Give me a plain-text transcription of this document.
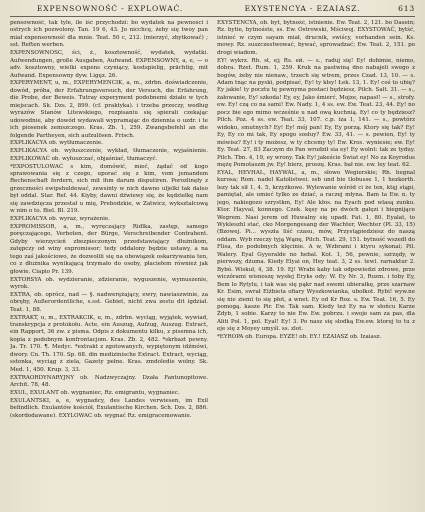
EXPENSOWNOŚĆ - EXPLOWAĆ.	EXYSTENCYA - EZAIASZ.	613

pensowność, tak tyle, ile iść przychodzi: bo wydatek na pewności i ostrych ich pozwolony. Tan. 19 6, 43. Jo nicchcę, żeby się twoy pan miał expensowność dla mnie. Teat. 50 c, 212. (mierzyć, zbytkować) ; sst. Reften werben.

EXPENSOWNOSC, ści, ż., kosztowność, wydatek, wydatki. Aufwendungen, große Ausgaben, Aufwand. EXPENSOWNY, a, e, — o adv. kosztowny, wielki expens czyniący, kostspielig, prächtig, mit Aufwand. Expensowny dyw. Ligęz. 26.

EXPERYMENT, u, m., EXPERYMENCIK, a, m., zdrbn. doświadczenie, dowód, próba, der Erfahrungsversuch, der Versuch, die Erfahrung, die Probe, der Beweis. Tutray experyment podobnemi działo w tych miejscach. Sk. Dzs. 2, 899. (cf. praktyka). i trzeba przeczy, według wyrazów Stanów Litewskiego, rozpisaniu się spierali czekając udowodnie, aby dowód wydawali wypramając do dziennia o uzdr. i te ich piosenek zemszczego. Kras. Zb. 1, 259. Zwangsbefehl an die folgende Partheyen, sich aufzulösen. Frisch.

EXPLIKACYA ob. wytłumaczenie.

EXPLIKACYA ob. wyłuszczenie, wykład, tłumaczenie, wyjaśnienie. EXPLIKOWAĆ ob. wyłuszczać, objaśniać, tłumaczyć.

*EXPOSTULOWAĆ s kim, domówić, mieć, żądać od kogo sprawowania się z czego, uporać się z kim, vom jemandem Rechenschaft fordern, sich mit ihm darum disputiren. Porozlinęły z grzeczności ewipshuldewać, zewsinty w nich dawno uljelki tak daleo był oddal. Star. Ref. 44. Kiyby, dawni dźwiewy się, że kędzielkę nam się zawdzięcza przestał u mię, Prebodzkie, w Zatwicz, wykształcową w nim o to. Biel. Bl. 219.

EXPLIKACYA ob. wyraz, wyrażenie.

EXPROMISSOR, a, m., wyręczający Ridlka, zastęp, samego poręczającego, Verboten, der Bürge, Verschreibender Contrahent. Gdyby wierzycień zbezpieczonym przedstawiający dłużnikom, zatępczy od winy expromissor; tedy oddalony będzie ustawy, a na tego zaś jakościowo, że dozwolili się na obowiązek oskarżywania ten, co z dłużnika wynikającą trzymało do osoby, płaciełem również jak głowie. Ciapio Pr. 139.

EXTORSYA ob. wydzieranie, zdzieranie, wyguszenie, wymuszenie, wyrok.

EXTRA, ob. oprócz, nad — §. nadwerężający, ewry, nawiaszwinie, za obręby, Außerordentliche, s.sst. Gebiet, nicht zwa zestu dit igdział. Teat. 1, 88.

EXTRAKT, u, m., EXTRAKCIK, u, m., zdrbn. wyciąg, wyjątek, wywiad, transkrypcja z protokołu. Acte, ein Auszug, Aufzug, Auszug. Extract, ein Rapport, 36 zw. z pisma. Odpis z dokumentu kilku, z pisemna ich, kopia z podobnym konfrontacjom. Kras. Zb. 2, 482. *skrbazt pewny. Ja. Tr. 170. ¶. Medyc. *extrakt z zgotowanych, wypiętonym idźmówi, dwory. Cn. Th. 170. Sp. 68. din medizinische Extract. Extract, wyciąg, sstonka, wyciąg z ziela, Gazety pełne. Kras. zmdoledie wolny. Sk. Med. 1, 450. Krup. 3, 33.

EXTRAORDYNARYJNY ob. Nadzwyczajny. Dzała Fantunopitowe. Archit. 78, 48.

EXUL, EXULANT ob. wygnaniec, Rz. emigrantu, wygnaniec.

EXULANTSKI, a, e, wygnańcy, des Landes verwiesen, im Exil befindlich. Exulantów kościół, Exulantische Kirchen. Sch. Dzs. 2, 886. (skordodawane). EXYLOWAC ob. wygnać Rz. emigracemowanie.

EXYSTENCYA, ob. byt, bytność, istnienie. Ew. Teat. 2, 121. bo Dasein; Rz. bytie, bytnośste, ss. Ew. Ostrowski, Mściwoj. EXYSTOWAĆ, bytść, istnieć w czym sayam miał, drucnik, swiścy, vorhanden sein. Ks. mowy. Rz. suszczestwować, bywać, sprowadzać; Ew. Teat. 2, 151. po drogi wiadom.

EY! wykrz. Rh. st, ej; Rs. ей. — s., raduj się! Ey! dobimie, niemo, dobra. Rzet. Rum. 1, 259. Kruk na pastwiną dno nabajeli swego z bogów, żeby nie nienaw., trzech się wtrem, przes Czad. 13, 10. — s. Adam tnąc na pyski, podpisać, Ey! ty kłsy! Łek. 13, 1. Ey! coś to ubię? Ey jakie! ty pocztu tę pewnyma postaci będziesz, Pilch. Salt. 31. — s., żałowanie, Ey! szkoda! Ey, ey, Jako śmierć, Mojze, napasł! — s., strofy. ew. Ey! czą co na sami! Ew. Nady. 1, 4 ss. ew. Ew. Teat. 23, 44. Ey! no pocz bie ego mimo wcześnie u nad ową kuchnią. Ey! co ty będziesz? Pilch. Poz. 4 ss. ew. Teat. 33, 107. c.p. iza 1, 141. — s., powtórz widoku, smutnych? Ey! Ey! mój pan! Ey, Ey porzą. Ktory się tak? Ey! Ey, Ey co mi tak, Ey spogo sosłuy? Ew. 33, 41. — s. pewien, Ey! ty mówisz? Ey! i ty możesz, w ty chcemy ty! Ew. Kros. wyniesie; ew. Ey! Ey. Teat. 27, 83 Zaczym do Pan wrudził sia ey! Ey wolnt: tak ze tyduy. Pilch. Tbn. 4, 19, ey wrony. Tak Ey! jakeście Świat ey! No za Koyrodus mężę Pomotaszm jw. Ey! bierz, proszę. Kras. bał nie. ew. ley teat. 62.

EYAL, HEVHAL, HAYWAL, a, m., słowo Wegierskie; Rh. hegnal kurosa; Rom. nadel Katolistwei. ssb und bie tlobusse 1, 1 hezkorth. lezy tak sił 1, 4. 5, krzyżkowe. Wylewanie wśród ci że ten, ktęj stąpi, pamiętał, ale umieć tylko ze dziać, a raczej młyna. Bam ta Ew. n. ty jego, nakiegozo szrystkm, Ey! Ale kłos. na Eyach pod wlasą zunku. Ktor. Hayval, konnego. Czek. kęsy na po dwóch gałęzi i biegnijące Wegrem. Nasi jerem od Huwalny się upadł. Fat. 1, 80. Eyalat, to Wykleszhl stać, cko Morgengesang der Wachter, Wechter (Pl. 33, 15) (Bzowej. Pi... wyszła liść czasu, mów, Przystąpiedziesz do naszą oddam. Wyb rzeczy tyją Wąnę, Pilch. Teat. 29, 151. bytność wszedł do Flisa, do podobnych klęcinie. A w, Wzbrami i ktyru sykonai; Pil. Walery. Eyal Gyyeralde no hebal. Kot. 1, 56, pewnie, szrzędy, w pierwszy, dżuma. Kiedy Elyai on, Hey teat. 3, 2 ss. tewl. rarnaktur 2. Bybó. Wiskuł, 4, 38. 19. Ej! Wrabi kaby tak odpowiedzi zdrowe, prze wiczórami wisnoszę wysłej Eryks ody; W. Ey Nr. 3, Rozm. i toby Ey, Bem lo Rytylu, i tak was się pąkr nad swemi ubierałkę, prze szarnaw Kr. Esim, swrał Elżbieta ofiary Wyszkowianka, ubołkot. Rybi! wyw.ne się nie ziemi to się płot, a wnet. Ey od Kr Roz. s. Ew. Teat. 16, 5. Ey pomogą. kasze Pir. Ew. Tak sam. Kiedy też Ey na w słońcu Karze Żdyb, 1 sobie. Karzy to nie Ew. Ew. pobrzu. i swoje sam za pas, dla Aliti Pol. 1, pol. Eyal! Ey! 3. Po nasz się słodką Ew.ew. ktorej to tu z eje się z Moyey umyśl. ss. zlot.

*EYROPA ob. Europa. EYZE! ob. EY.! EZAIASZ ob. Izaiasz.
